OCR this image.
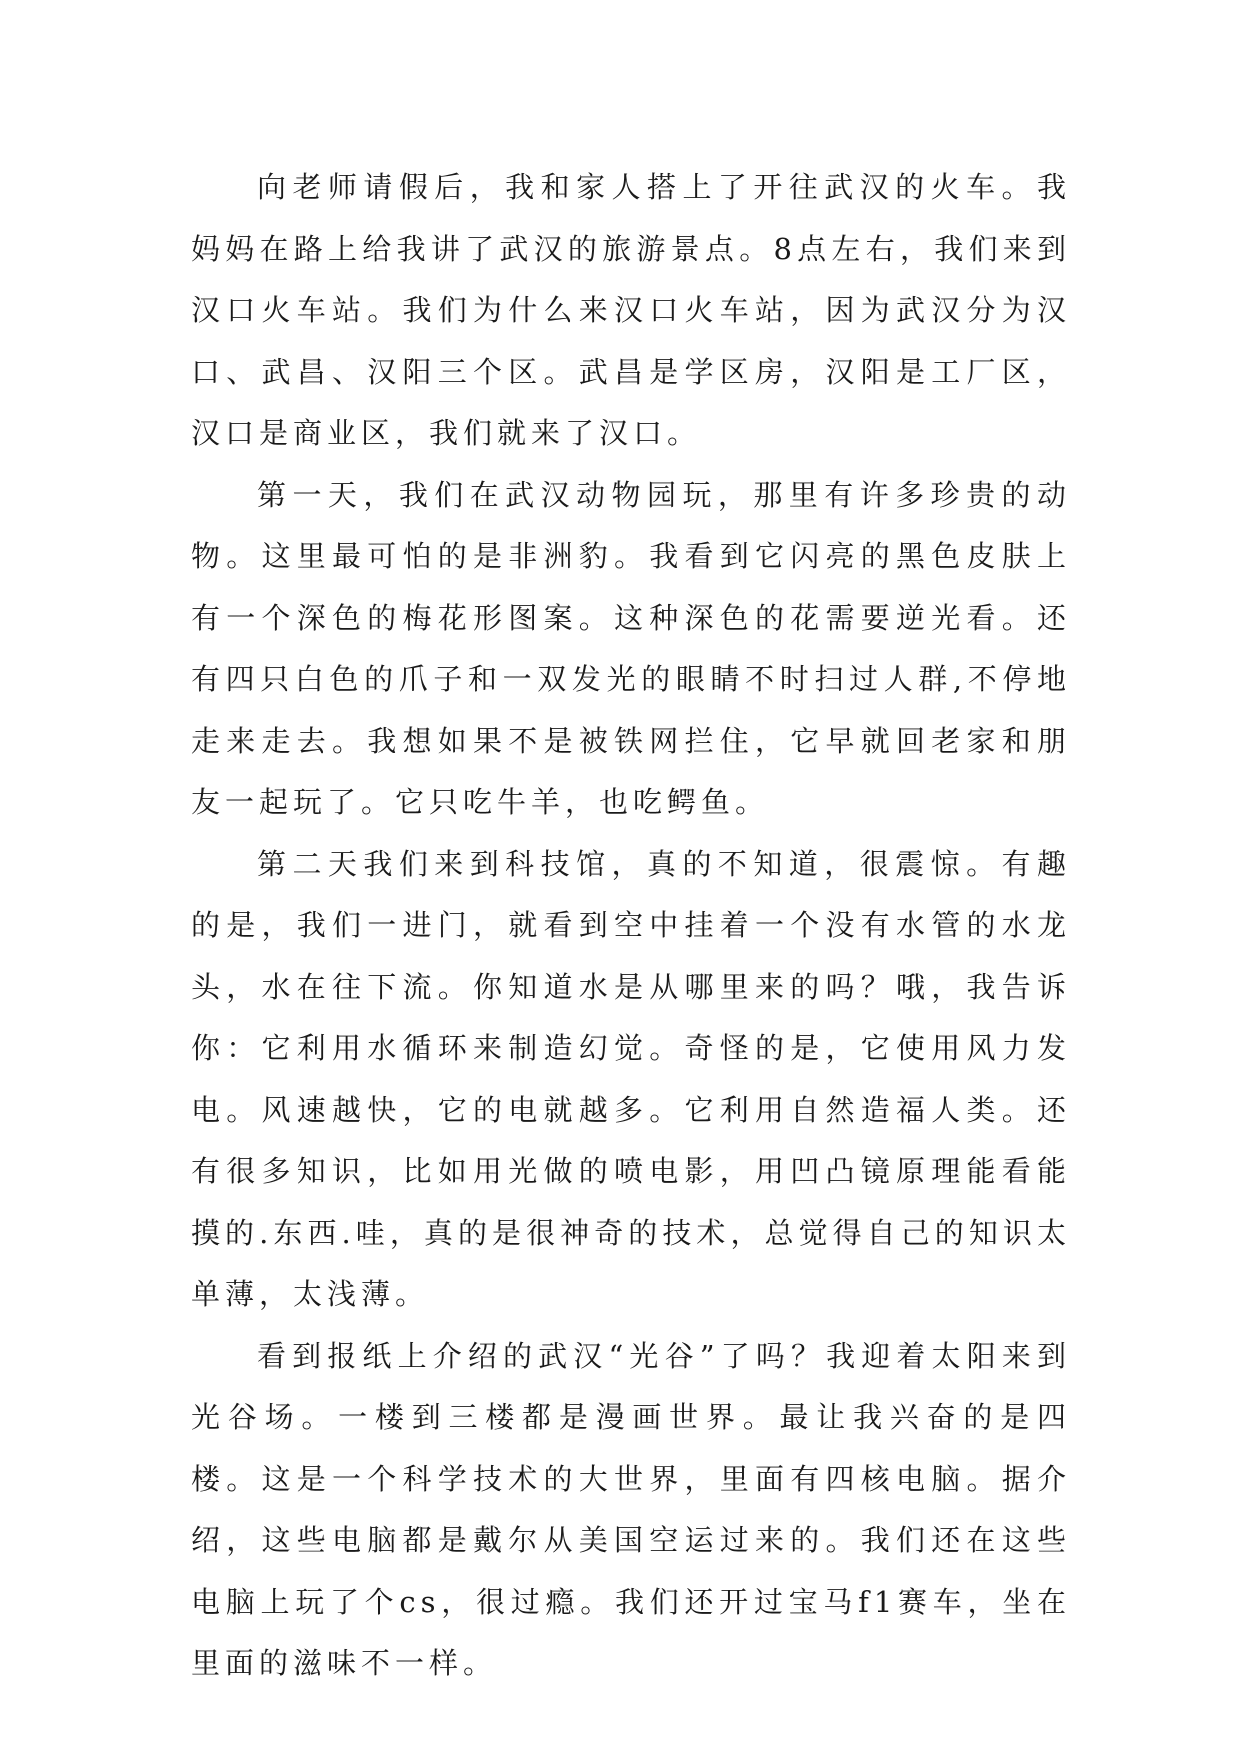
向老师请假后，我和家人搭上了开往武汉的火车。我妈妈在路上给我讲了武汉的旅游景点。8点左右，我们来到汉口火车站。我们为什么来汉口火车站，因为武汉分为汉口、武昌、汉阳三个区。武昌是学区房，汉阳是工厂区，汉口是商业区，我们就来了汉口。

第一天，我们在武汉动物园玩，那里有许多珍贵的动物。这里最可怕的是非洲豹。我看到它闪亮的黑色皮肤上有一个深色的梅花形图案。这种深色的花需要逆光看。还有四只白色的爪子和一双发光的眼睛不时扫过人群,不停地走来走去。我想如果不是被铁网拦住，它早就回老家和朋友一起玩了。它只吃牛羊，也吃鳄鱼。

第二天我们来到科技馆，真的不知道，很震惊。有趣的是，我们一进门，就看到空中挂着一个没有水管的水龙头，水在往下流。你知道水是从哪里来的吗？哦，我告诉你：它利用水循环来制造幻觉。奇怪的是，它使用风力发电。风速越快，它的电就越多。它利用自然造福人类。还有很多知识，比如用光做的喷电影，用凹凸镜原理能看能摸的.东西.哇，真的是很神奇的技术，总觉得自己的知识太单薄，太浅薄。

看到报纸上介绍的武汉“光谷”了吗？我迎着太阳来到光谷场。一楼到三楼都是漫画世界。最让我兴奋的是四楼。这是一个科学技术的大世界，里面有四核电脑。据介绍，这些电脑都是戴尔从美国空运过来的。我们还在这些电脑上玩了个cs，很过瘾。我们还开过宝马f1赛车，坐在里面的滋味不一样。
